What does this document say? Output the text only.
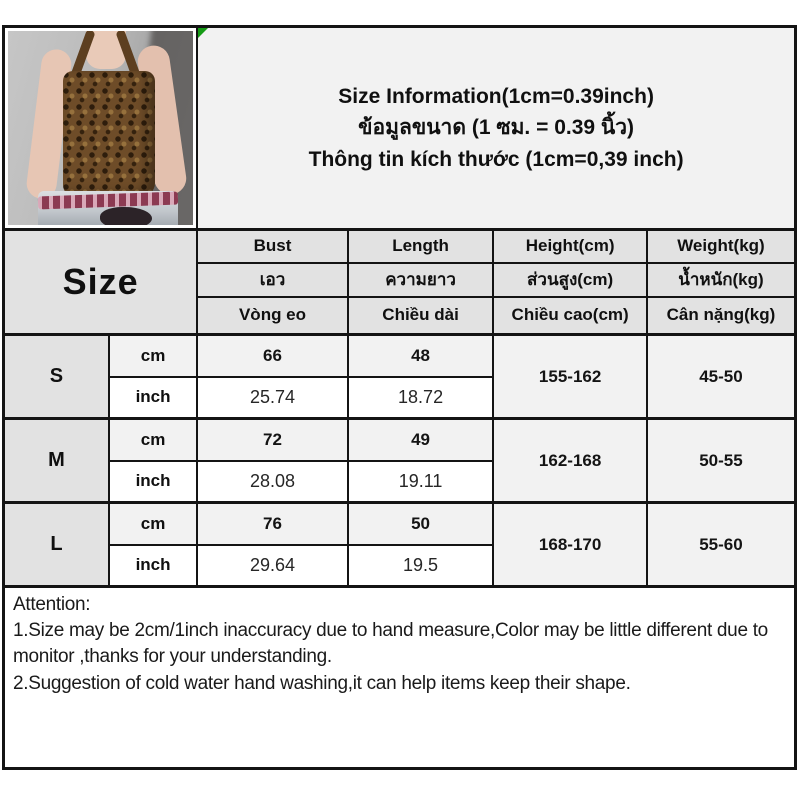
		Size Information(1cm=0.39inch)
ข้อมูลขนาด (1 ซม. = 0.39 นิ้ว)
Thông tin kích thước (1cm=0,39 inch)			

Size		Bust	Length	Height(cm)	Weight(kg)
		เอว	ความยาว	ส่วนสูง(cm)	น้ำหนัก(kg)
		Vòng eo	Chiều dài	Chiều cao(cm)	Cân nặng(kg)
S	cm	66	48	155-162	45-50
	inch	25.74	18.72		
M	cm	72	49	162-168	50-55
	inch	28.08	19.11		
L	cm	76	50	168-170	55-60
	inch	29.64	19.5		

Attention:
1.Size may be 2cm/1inch inaccuracy due to hand measure,Color may be little different due to monitor ,thanks for your understanding.
2.Suggestion of cold water hand washing,it can help items keep their shape.					
